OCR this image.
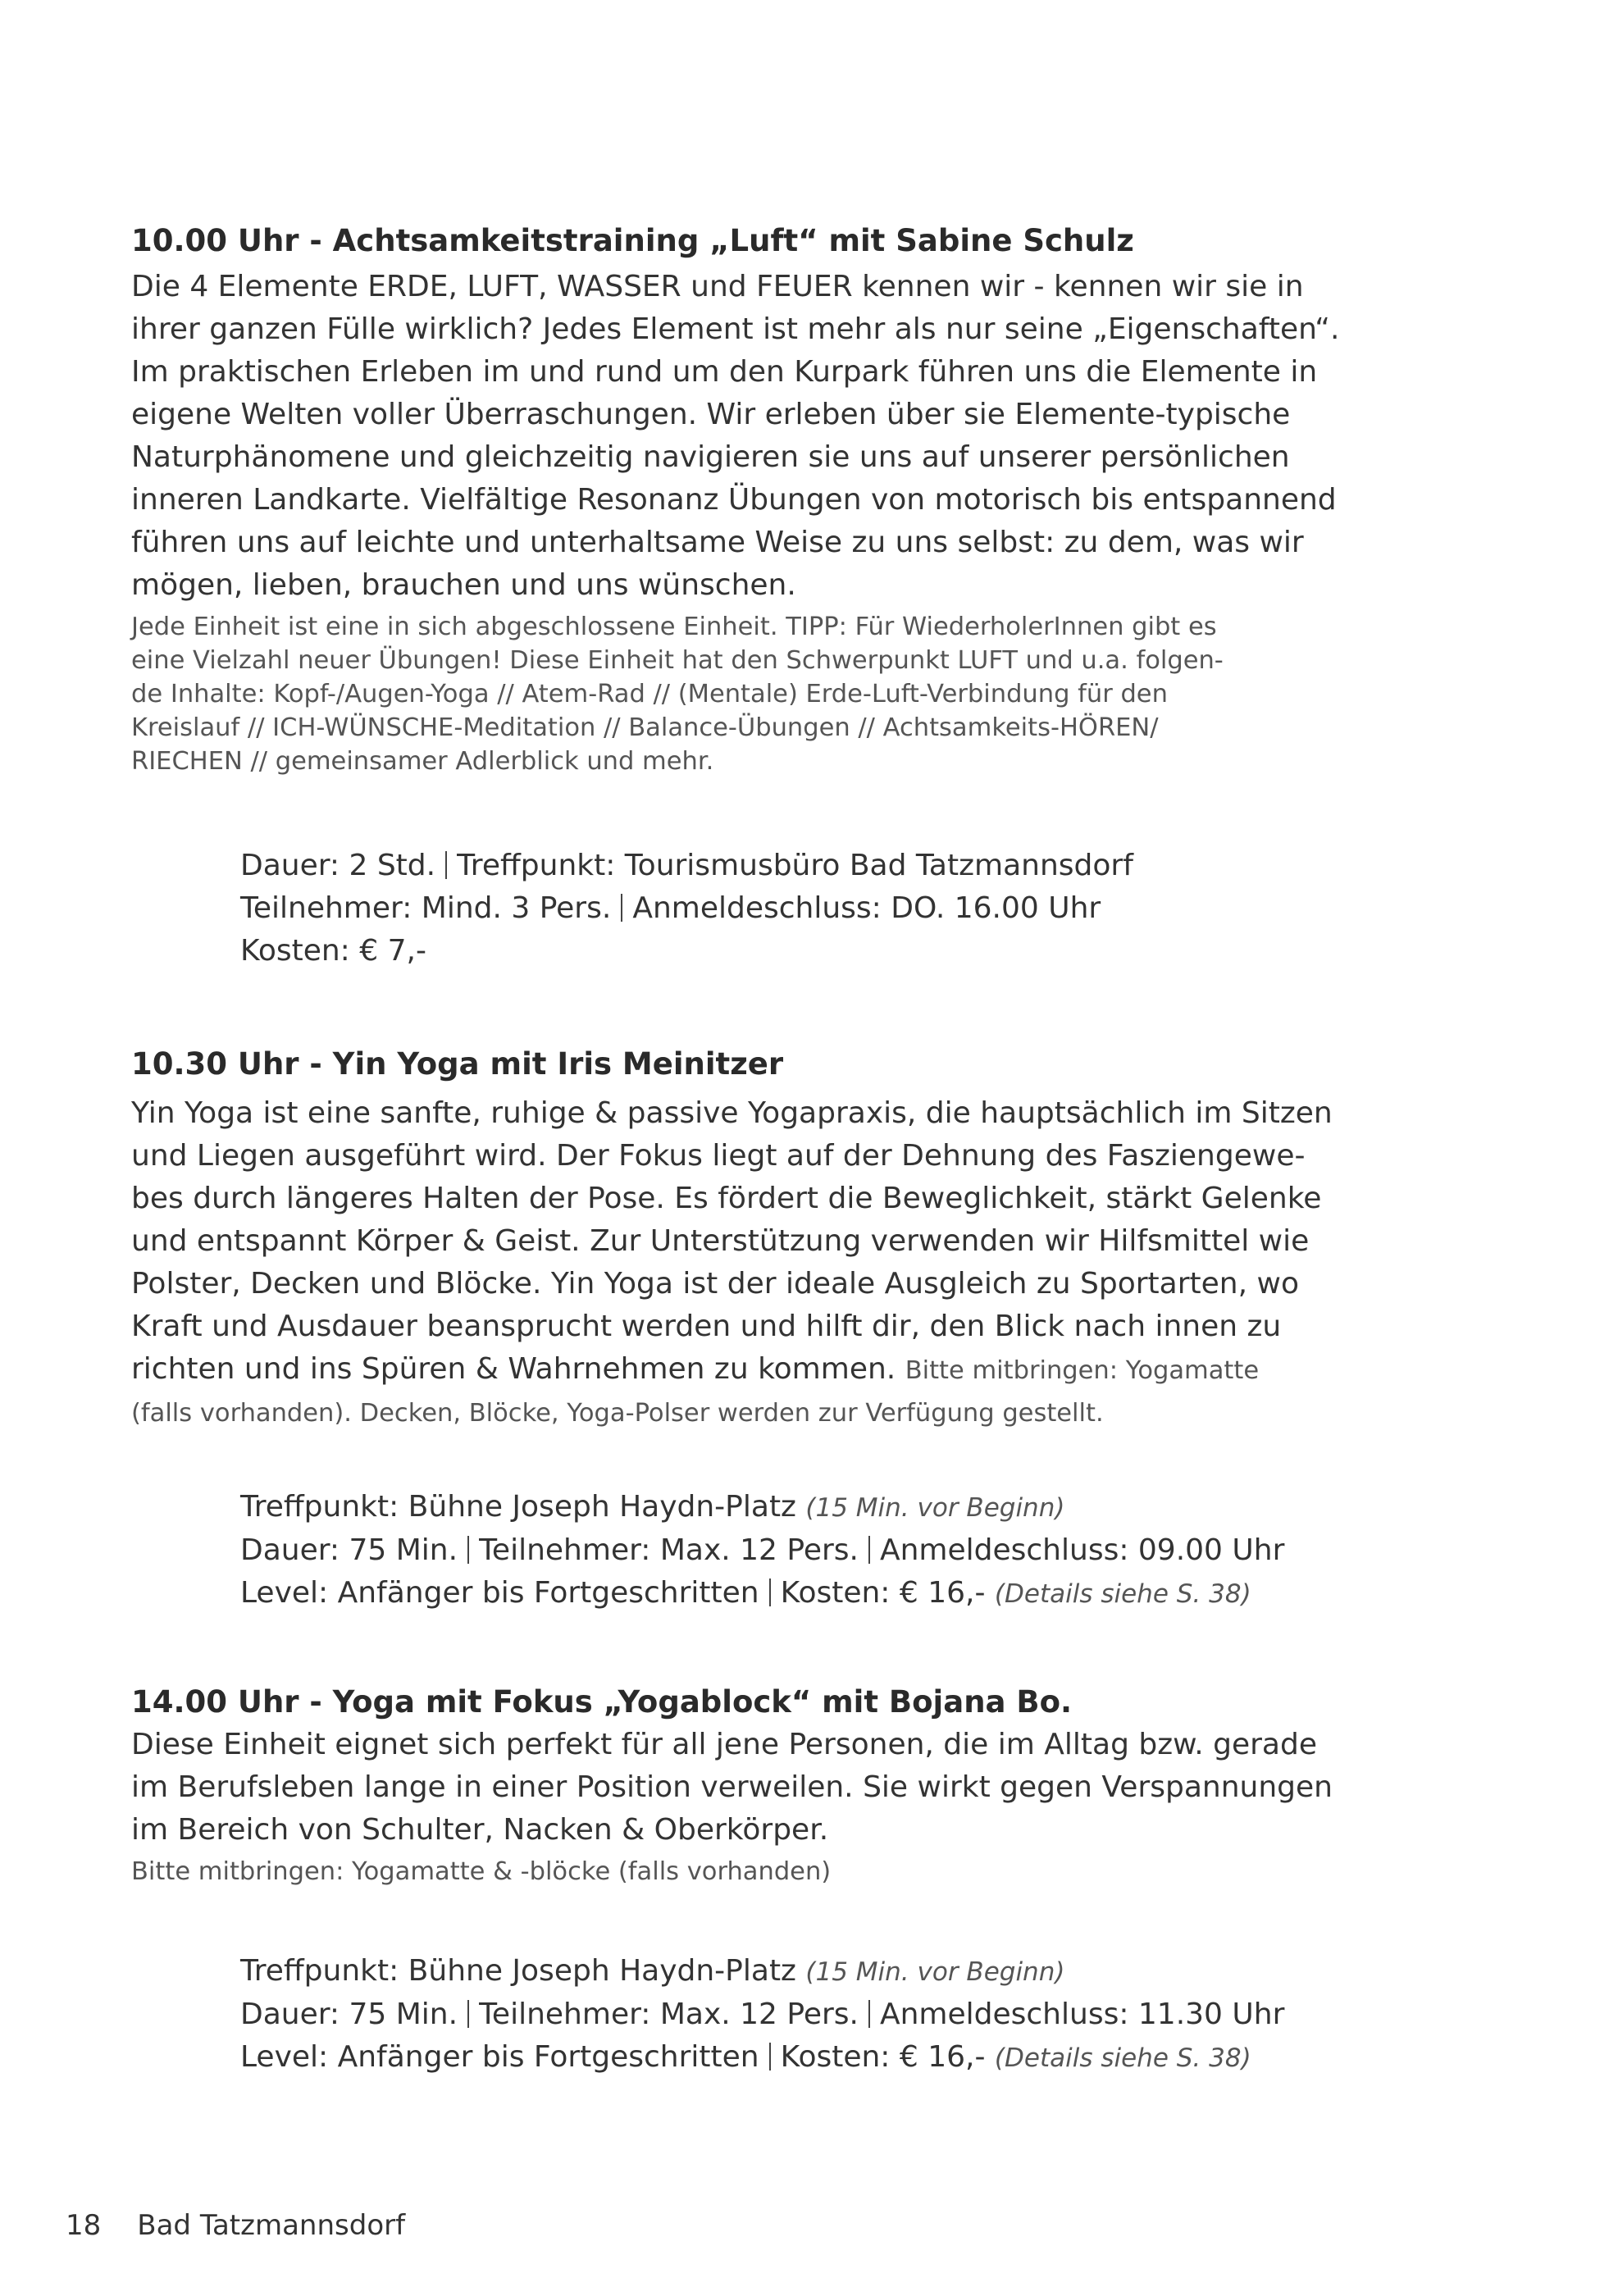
10.00 Uhr - Achtsamkeitstraining „Luft“ mit Sabine Schulz

Die 4 Elemente ERDE, LUFT, WASSER und FEUER kennen wir - kennen wir sie in

ihrer ganzen Fülle wirklich? Jedes Element ist mehr als nur seine „Eigenschaften“.

Im praktischen Erleben im und rund um den Kurpark führen uns die Elemente in

eigene Welten voller Überraschungen. Wir erleben über sie Elemente-typische

Naturphänomene und gleichzeitig navigieren sie uns auf unserer persönlichen

inneren Landkarte. Vielfältige Resonanz Übungen von motorisch bis entspannend

führen uns auf leichte und unterhaltsame Weise zu uns selbst: zu dem, was wir

mögen, lieben, brauchen und uns wünschen.

Jede Einheit ist eine in sich abgeschlossene Einheit. TIPP: Für WiederholerInnen gibt es

eine Vielzahl neuer Übungen! Diese Einheit hat den Schwerpunkt LUFT und u.a. folgen-

de Inhalte: Kopf-/Augen-Yoga // Atem-Rad // (Mentale) Erde-Luft-Verbindung für den

Kreislauf // ICH-WÜNSCHE-Meditation // Balance-Übungen // Achtsamkeits-HÖREN/

RIECHEN // gemeinsamer Adlerblick und mehr.

Dauer: 2 Std. Treffpunkt: Tourismusbüro Bad Tatzmannsdorf
Teilnehmer: Mind. 3 Pers. Anmeldeschluss: DO. 16.00 Uhr
Kosten: € 7,-
10.30 Uhr - Yin Yoga mit Iris Meinitzer

Yin Yoga ist eine sanfte, ruhige & passive Yogapraxis, die hauptsächlich im Sitzen

und Liegen ausgeführt wird. Der Fokus liegt auf der Dehnung des Fasziengewe-

bes durch längeres Halten der Pose. Es fördert die Beweglichkeit, stärkt Gelenke

und entspannt Körper & Geist. Zur Unterstützung verwenden wir Hilfsmittel wie

Polster, Decken und Blöcke. Yin Yoga ist der ideale Ausgleich zu Sportarten, wo

Kraft und Ausdauer beansprucht werden und hilft dir, den Blick nach innen zu

richten und ins Spüren & Wahrnehmen zu kommen. Bitte mitbringen: Yogamatte

(falls vorhanden). Decken, Blöcke, Yoga-Polser werden zur Verfügung gestellt.

Treffpunkt: Bühne Joseph Haydn-Platz (15 Min. vor Beginn)
Dauer: 75 Min. Teilnehmer: Max. 12 Pers. Anmeldeschluss: 09.00 Uhr
Level: Anfänger bis Fortgeschritten Kosten: € 16,- (Details siehe S. 38)
14.00 Uhr - Yoga mit Fokus „Yogablock“ mit Bojana Bo.

Diese Einheit eignet sich perfekt für all jene Personen, die im Alltag bzw. gerade

im Berufsleben lange in einer Position verweilen. Sie wirkt gegen Verspannungen

im Bereich von Schulter, Nacken & Oberkörper.

Bitte mitbringen: Yogamatte & -blöcke (falls vorhanden)

Treffpunkt: Bühne Joseph Haydn-Platz (15 Min. vor Beginn)
Dauer: 75 Min. Teilnehmer: Max. 12 Pers. Anmeldeschluss: 11.30 Uhr
Level: Anfänger bis Fortgeschritten Kosten: € 16,- (Details siehe S. 38)
18 Bad Tatzmannsdorf
